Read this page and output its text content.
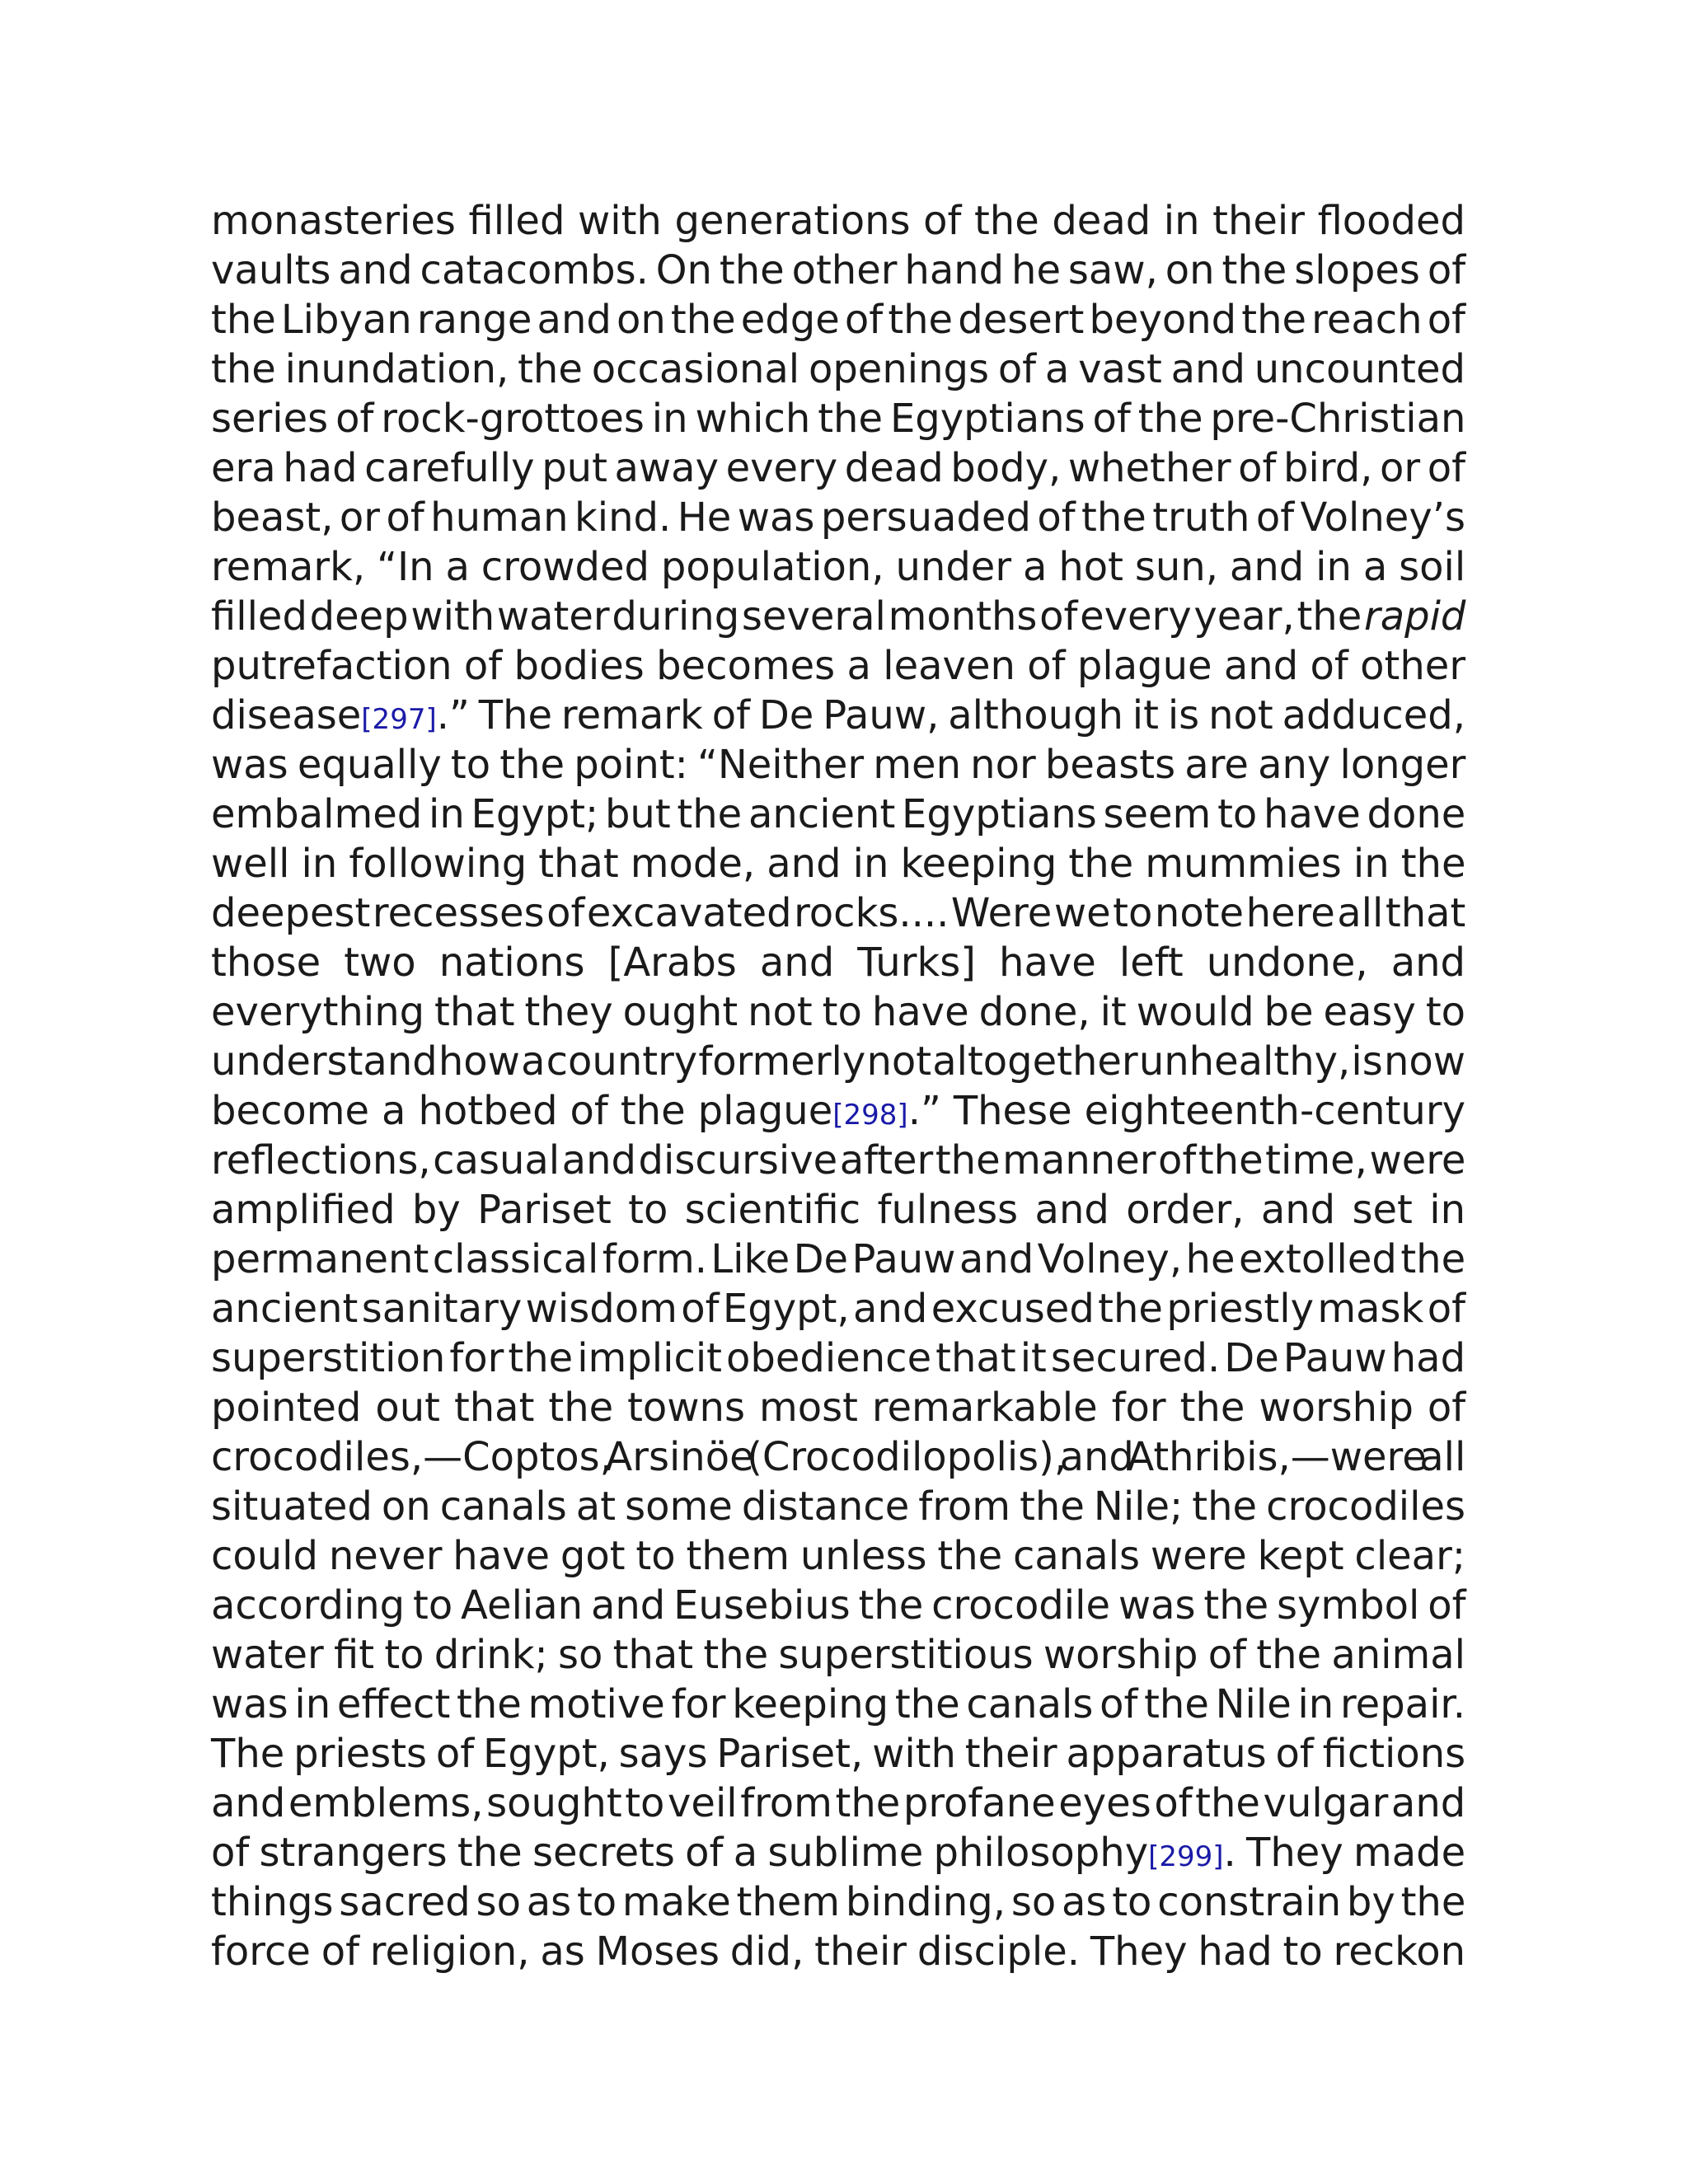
monasteries filled with generations of the dead in their flooded
vaults and catacombs. On the other hand he saw, on the slopes of
the Libyan range and on the edge of the desert beyond the reach of
the inundation, the occasional openings of a vast and uncounted
series of rock-grottoes in which the Egyptians of the pre-Christian
era had carefully put away every dead body, whether of bird, or of
beast, or of human kind. He was persuaded of the truth of Volney’s
remark, “In a crowded population, under a hot sun, and in a soil
filled deep with water during several months of every year, the rapid
putrefaction of bodies becomes a leaven of plague and of other
disease[297].” The remark of De Pauw, although it is not adduced,
was equally to the point: “Neither men nor beasts are any longer
embalmed in Egypt; but the ancient Egyptians seem to have done
well in following that mode, and in keeping the mummies in the
deepest recesses of excavated rocks.... Were we to note here all that
those two nations [Arabs and Turks] have left undone, and
everything that they ought not to have done, it would be easy to
understand how a country formerly not altogether unhealthy, is now
become a hotbed of the plague[298].” These eighteenth-century
reflections, casual and discursive after the manner of the time, were
amplified by Pariset to scientific fulness and order, and set in
permanent classical form. Like De Pauw and Volney, he extolled the
ancient sanitary wisdom of Egypt, and excused the priestly mask of
superstition for the implicit obedience that it secured. De Pauw had
pointed out that the towns most remarkable for the worship of
crocodiles,—Coptos, Arsinöe (Crocodilopolis), and Athribis,—were all
situated on canals at some distance from the Nile; the crocodiles
could never have got to them unless the canals were kept clear;
according to Aelian and Eusebius the crocodile was the symbol of
water fit to drink; so that the superstitious worship of the animal
was in effect the motive for keeping the canals of the Nile in repair.
The priests of Egypt, says Pariset, with their apparatus of fictions
and emblems, sought to veil from the profane eyes of the vulgar and
of strangers the secrets of a sublime philosophy[299]. They made
things sacred so as to make them binding, so as to constrain by the
force of religion, as Moses did, their disciple. They had to reckon
